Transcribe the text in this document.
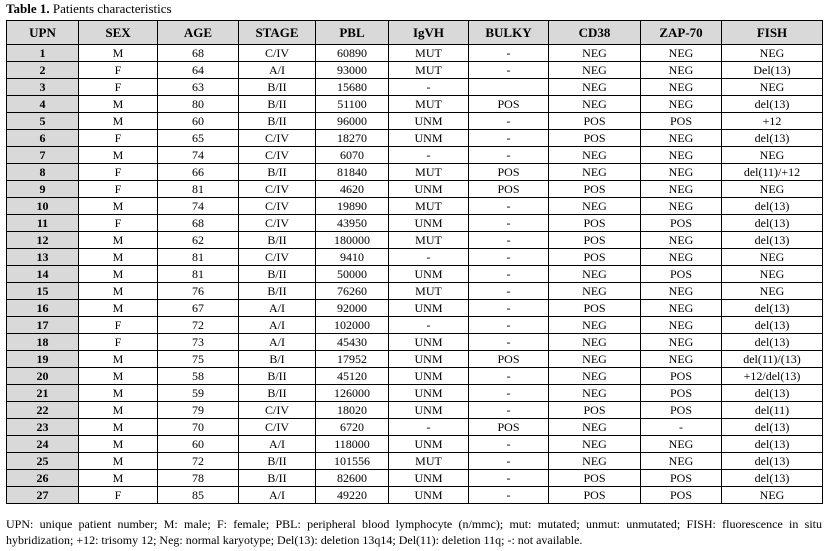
Table 1. Patients characteristics
UPN	SEX	AGE	STAGE	PBL	IgVH	BULKY	CD38	ZAP-70	FISH
1	M	68	C/IV	60890	MUT	-	NEG	NEG	NEG
2	F	64	A/I	93000	MUT	-	NEG	NEG	Del(13)
3	F	63	B/II	15680	-		NEG	NEG	NEG
4	M	80	B/II	51100	MUT	POS	NEG	NEG	del(13)
5	M	60	B/II	96000	UNM	-	POS	POS	+12
6	F	65	C/IV	18270	UNM	-	POS	NEG	del(13)
7	M	74	C/IV	6070	-	-	NEG	NEG	NEG
8	F	66	B/II	81840	MUT	POS	NEG	NEG	del(11)/+12
9	F	81	C/IV	4620	UNM	POS	POS	NEG	NEG
10	M	74	C/IV	19890	MUT	-	NEG	NEG	del(13)
11	F	68	C/IV	43950	UNM	-	POS	POS	del(13)
12	M	62	B/II	180000	MUT	-	POS	NEG	del(13)
13	M	81	C/IV	9410	-	-	POS	NEG	NEG
14	M	81	B/II	50000	UNM	-	NEG	POS	NEG
15	M	76	B/II	76260	MUT	-	NEG	NEG	NEG
16	M	67	A/I	92000	UNM	-	POS	NEG	del(13)
17	F	72	A/I	102000	-	-	NEG	NEG	del(13)
18	F	73	A/I	45430	UNM	-	NEG	NEG	del(13)
19	M	75	B/I	17952	UNM	POS	NEG	NEG	del(11)/(13)
20	M	58	B/II	45120	UNM	-	NEG	POS	+12/del(13)
21	M	59	B/II	126000	UNM	-	NEG	POS	del(13)
22	M	79	C/IV	18020	UNM	-	POS	POS	del(11)
23	M	70	C/IV	6720	-	POS	NEG	-	del(13)
24	M	60	A/I	118000	UNM	-	NEG	NEG	del(13)
25	M	72	B/II	101556	MUT	-	NEG	NEG	del(13)
26	M	78	B/II	82600	UNM	-	POS	POS	del(13)
27	F	85	A/I	49220	UNM	-	POS	POS	NEG
UPN: unique patient number; M: male; F: female; PBL: peripheral blood lymphocyte (n/mmc); mut: mutated; unmut: unmutated; FISH: fluorescence in situ hybridization; +12: trisomy 12; Neg: normal karyotype; Del(13): deletion 13q14; Del(11): deletion 11q; -: not available.
